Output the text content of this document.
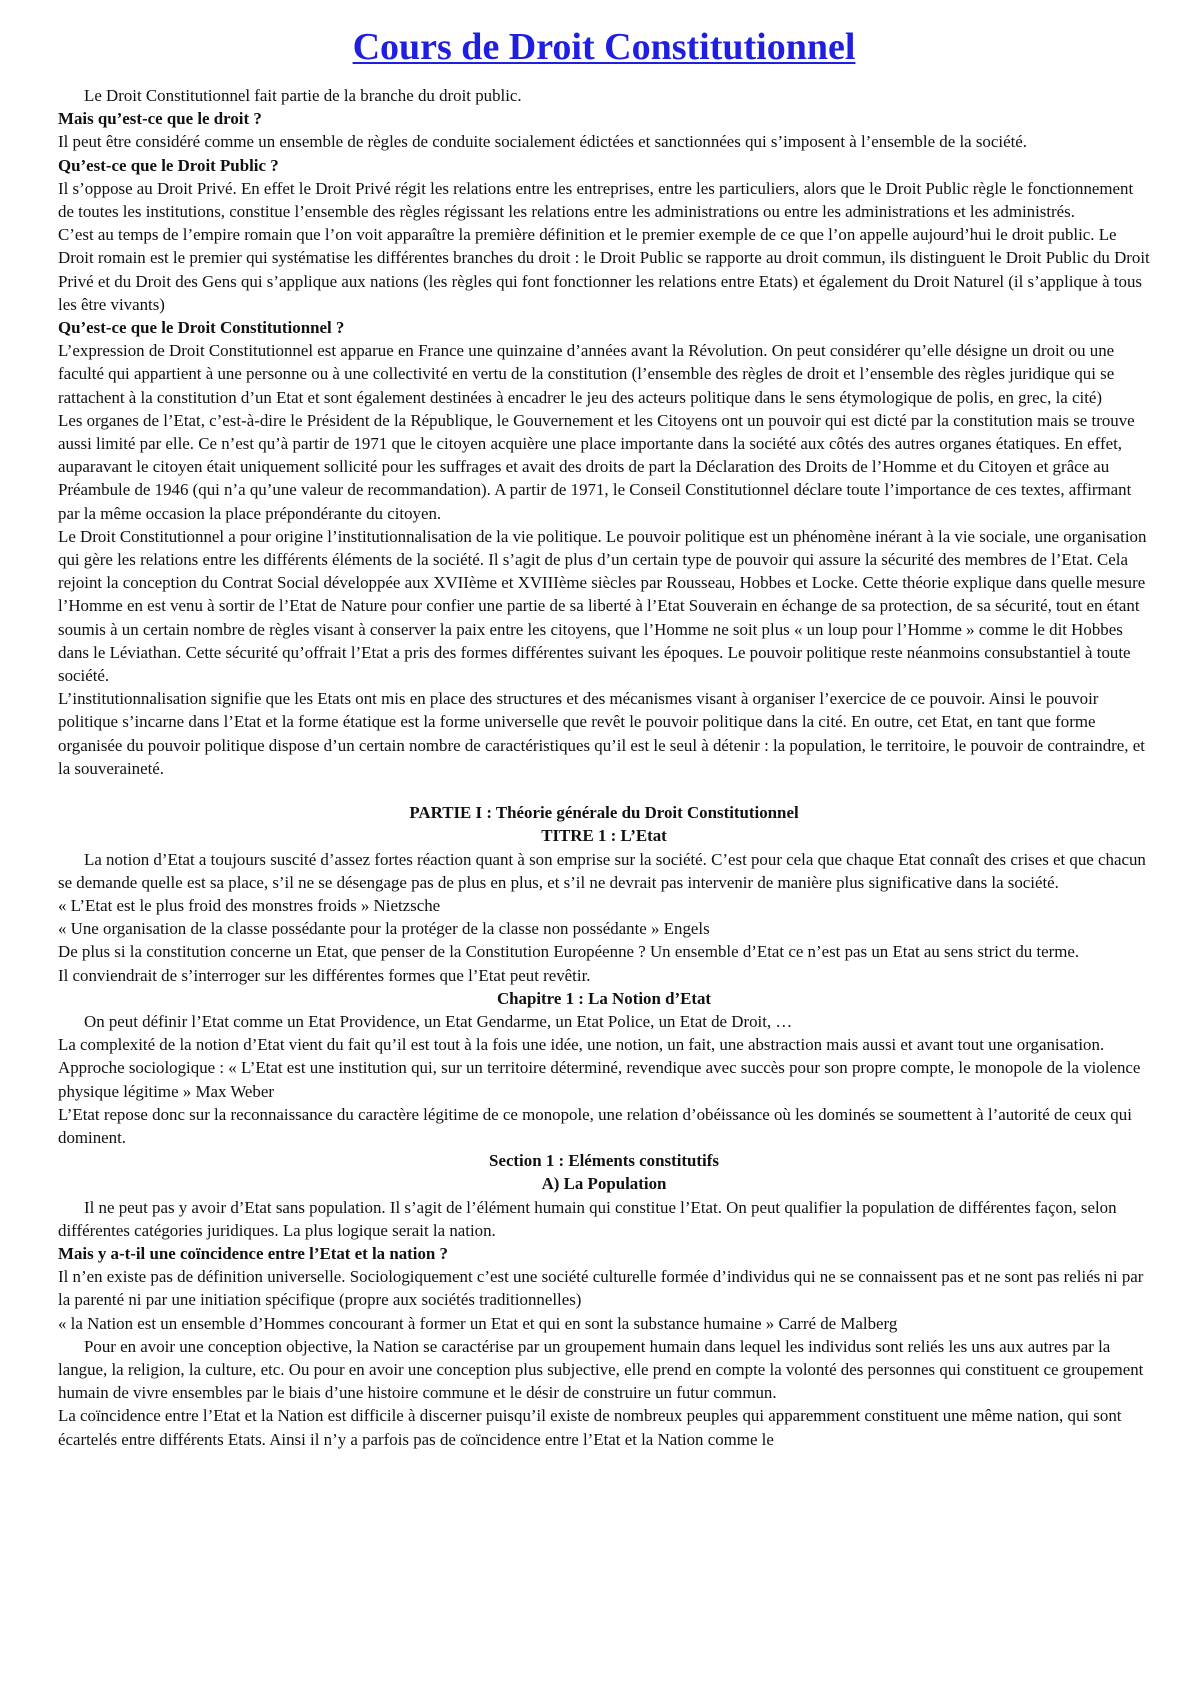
Cours de Droit Constitutionnel

Le Droit Constitutionnel fait partie de la branche du droit public.

Mais qu’est-ce que le droit ?

Il peut être considéré comme un ensemble de règles de conduite socialement édictées et sanctionnées qui s’imposent à l’ensemble de la société.

Qu’est-ce que le Droit Public ?

Il s’oppose au Droit Privé. En effet le Droit Privé régit les relations entre les entreprises, entre les particuliers, alors que le Droit Public règle le fonctionnement de toutes les institutions, constitue l’ensemble des règles régissant les relations entre les administrations ou entre les administrations et les administrés.

C’est au temps de l’empire romain que l’on voit apparaître la première définition et le premier exemple de ce que l’on appelle aujourd’hui le droit public. Le Droit romain est le premier qui systématise les différentes branches du droit : le Droit Public se rapporte au droit commun, ils distinguent le Droit Public du Droit Privé et du Droit des Gens qui s’applique aux nations (les règles qui font fonctionner les relations entre Etats) et également du Droit Naturel (il s’applique à tous les être vivants)

Qu’est-ce que le Droit Constitutionnel ?

L’expression de Droit Constitutionnel est apparue en France une quinzaine d’années avant la Révolution. On peut considérer qu’elle désigne un droit ou une faculté qui appartient à une personne ou à une collectivité en vertu de la constitution (l’ensemble des règles de droit et l’ensemble des règles juridique qui se rattachent à la constitution d’un Etat et sont également destinées à encadrer le jeu des acteurs politique dans le sens étymologique de polis, en grec, la cité)

Les organes de l’Etat, c’est-à-dire le Président de la République, le Gouvernement et les Citoyens ont un pouvoir qui est dicté par la constitution mais se trouve aussi limité par elle. Ce n’est qu’à partir de 1971 que le citoyen acquière une place importante dans la société aux côtés des autres organes étatiques. En effet, auparavant le citoyen était uniquement sollicité pour les suffrages et avait des droits de part la Déclaration des Droits de l’Homme et du Citoyen et grâce au Préambule de 1946 (qui n’a qu’une valeur de recommandation). A partir de 1971, le Conseil Constitutionnel déclare toute l’importance de ces textes, affirmant par la même occasion la place prépondérante du citoyen.

Le Droit Constitutionnel a pour origine l’institutionnalisation de la vie politique. Le pouvoir politique est un phénomène inérant à la vie sociale, une organisation qui gère les relations entre les différents éléments de la société. Il s’agit de plus d’un certain type de pouvoir qui assure la sécurité des membres de l’Etat. Cela rejoint la conception du Contrat Social développée aux XVIIème et XVIIIème siècles par Rousseau, Hobbes et Locke. Cette théorie explique dans quelle mesure l’Homme en est venu à sortir de l’Etat de Nature pour confier une partie de sa liberté à l’Etat Souverain en échange de sa protection, de sa sécurité, tout en étant soumis à un certain nombre de règles visant à conserver la paix entre les citoyens, que l’Homme ne soit plus « un loup pour l’Homme » comme le dit Hobbes dans le Léviathan. Cette sécurité qu’offrait l’Etat a pris des formes différentes suivant les époques. Le pouvoir politique reste néanmoins consubstantiel à toute société.

L’institutionnalisation signifie que les Etats ont mis en place des structures et des mécanismes visant à organiser l’exercice de ce pouvoir. Ainsi le pouvoir politique s’incarne dans l’Etat et la forme étatique est la forme universelle que revêt le pouvoir politique dans la cité. En outre, cet Etat, en tant que forme organisée du pouvoir politique dispose d’un certain nombre de caractéristiques qu’il est le seul à détenir : la population, le territoire, le pouvoir de contraindre, et la souveraineté.

PARTIE I : Théorie générale du Droit Constitutionnel

TITRE 1 : L’Etat

La notion d’Etat a toujours suscité d’assez fortes réaction quant à son emprise sur la société. C’est pour cela que chaque Etat connaît des crises et que chacun se demande quelle est sa place, s’il ne se désengage pas de plus en plus, et s’il ne devrait pas intervenir de manière plus significative dans la société.

« L’Etat est le plus froid des monstres froids » Nietzsche

« Une organisation de la classe possédante pour la protéger de la classe non possédante » Engels

De plus si la constitution concerne un Etat, que penser de la Constitution Européenne ? Un ensemble d’Etat ce n’est pas un Etat au sens strict du terme.

Il conviendrait de s’interroger sur les différentes formes que l’Etat peut revêtir.

Chapitre 1 : La Notion d’Etat

On peut définir l’Etat comme un Etat Providence, un Etat Gendarme, un Etat Police, un Etat de Droit, …

La complexité de la notion d’Etat vient du fait qu’il est tout à la fois une idée, une notion, un fait, une abstraction mais aussi et avant tout une organisation.

Approche sociologique : « L’Etat est une institution qui, sur un territoire déterminé, revendique avec succès pour son propre compte, le monopole de la violence physique légitime » Max Weber

L’Etat repose donc sur la reconnaissance du caractère légitime de ce monopole, une relation d’obéissance où les dominés se soumettent à l’autorité de ceux qui dominent.

Section 1 : Eléments constitutifs

A) La Population

Il ne peut pas y avoir d’Etat sans population. Il s’agit de l’élément humain qui constitue l’Etat. On peut qualifier la population de différentes façon, selon différentes catégories juridiques. La plus logique serait la nation.

Mais y a-t-il une coïncidence entre l’Etat et la nation ?

Il n’en existe pas de définition universelle. Sociologiquement c’est une société culturelle formée d’individus qui ne se connaissent pas et ne sont pas reliés ni par la parenté ni par une initiation spécifique (propre aux sociétés traditionnelles)

« la Nation est un ensemble d’Hommes concourant à former un Etat et qui en sont la substance humaine » Carré de Malberg

Pour en avoir une conception objective, la Nation se caractérise par un groupement humain dans lequel les individus sont reliés les uns aux autres par la langue, la religion, la culture, etc. Ou pour en avoir une conception plus subjective, elle prend en compte la volonté des personnes qui constituent ce groupement humain de vivre ensembles par le biais d’une histoire commune et le désir de construire un futur commun.

La coïncidence entre l’Etat et la Nation est difficile à discerner puisqu’il existe de nombreux peuples qui apparemment constituent une même nation, qui sont écartelés entre différents Etats. Ainsi il n’y a parfois pas de coïncidence entre l’Etat et la Nation comme le
